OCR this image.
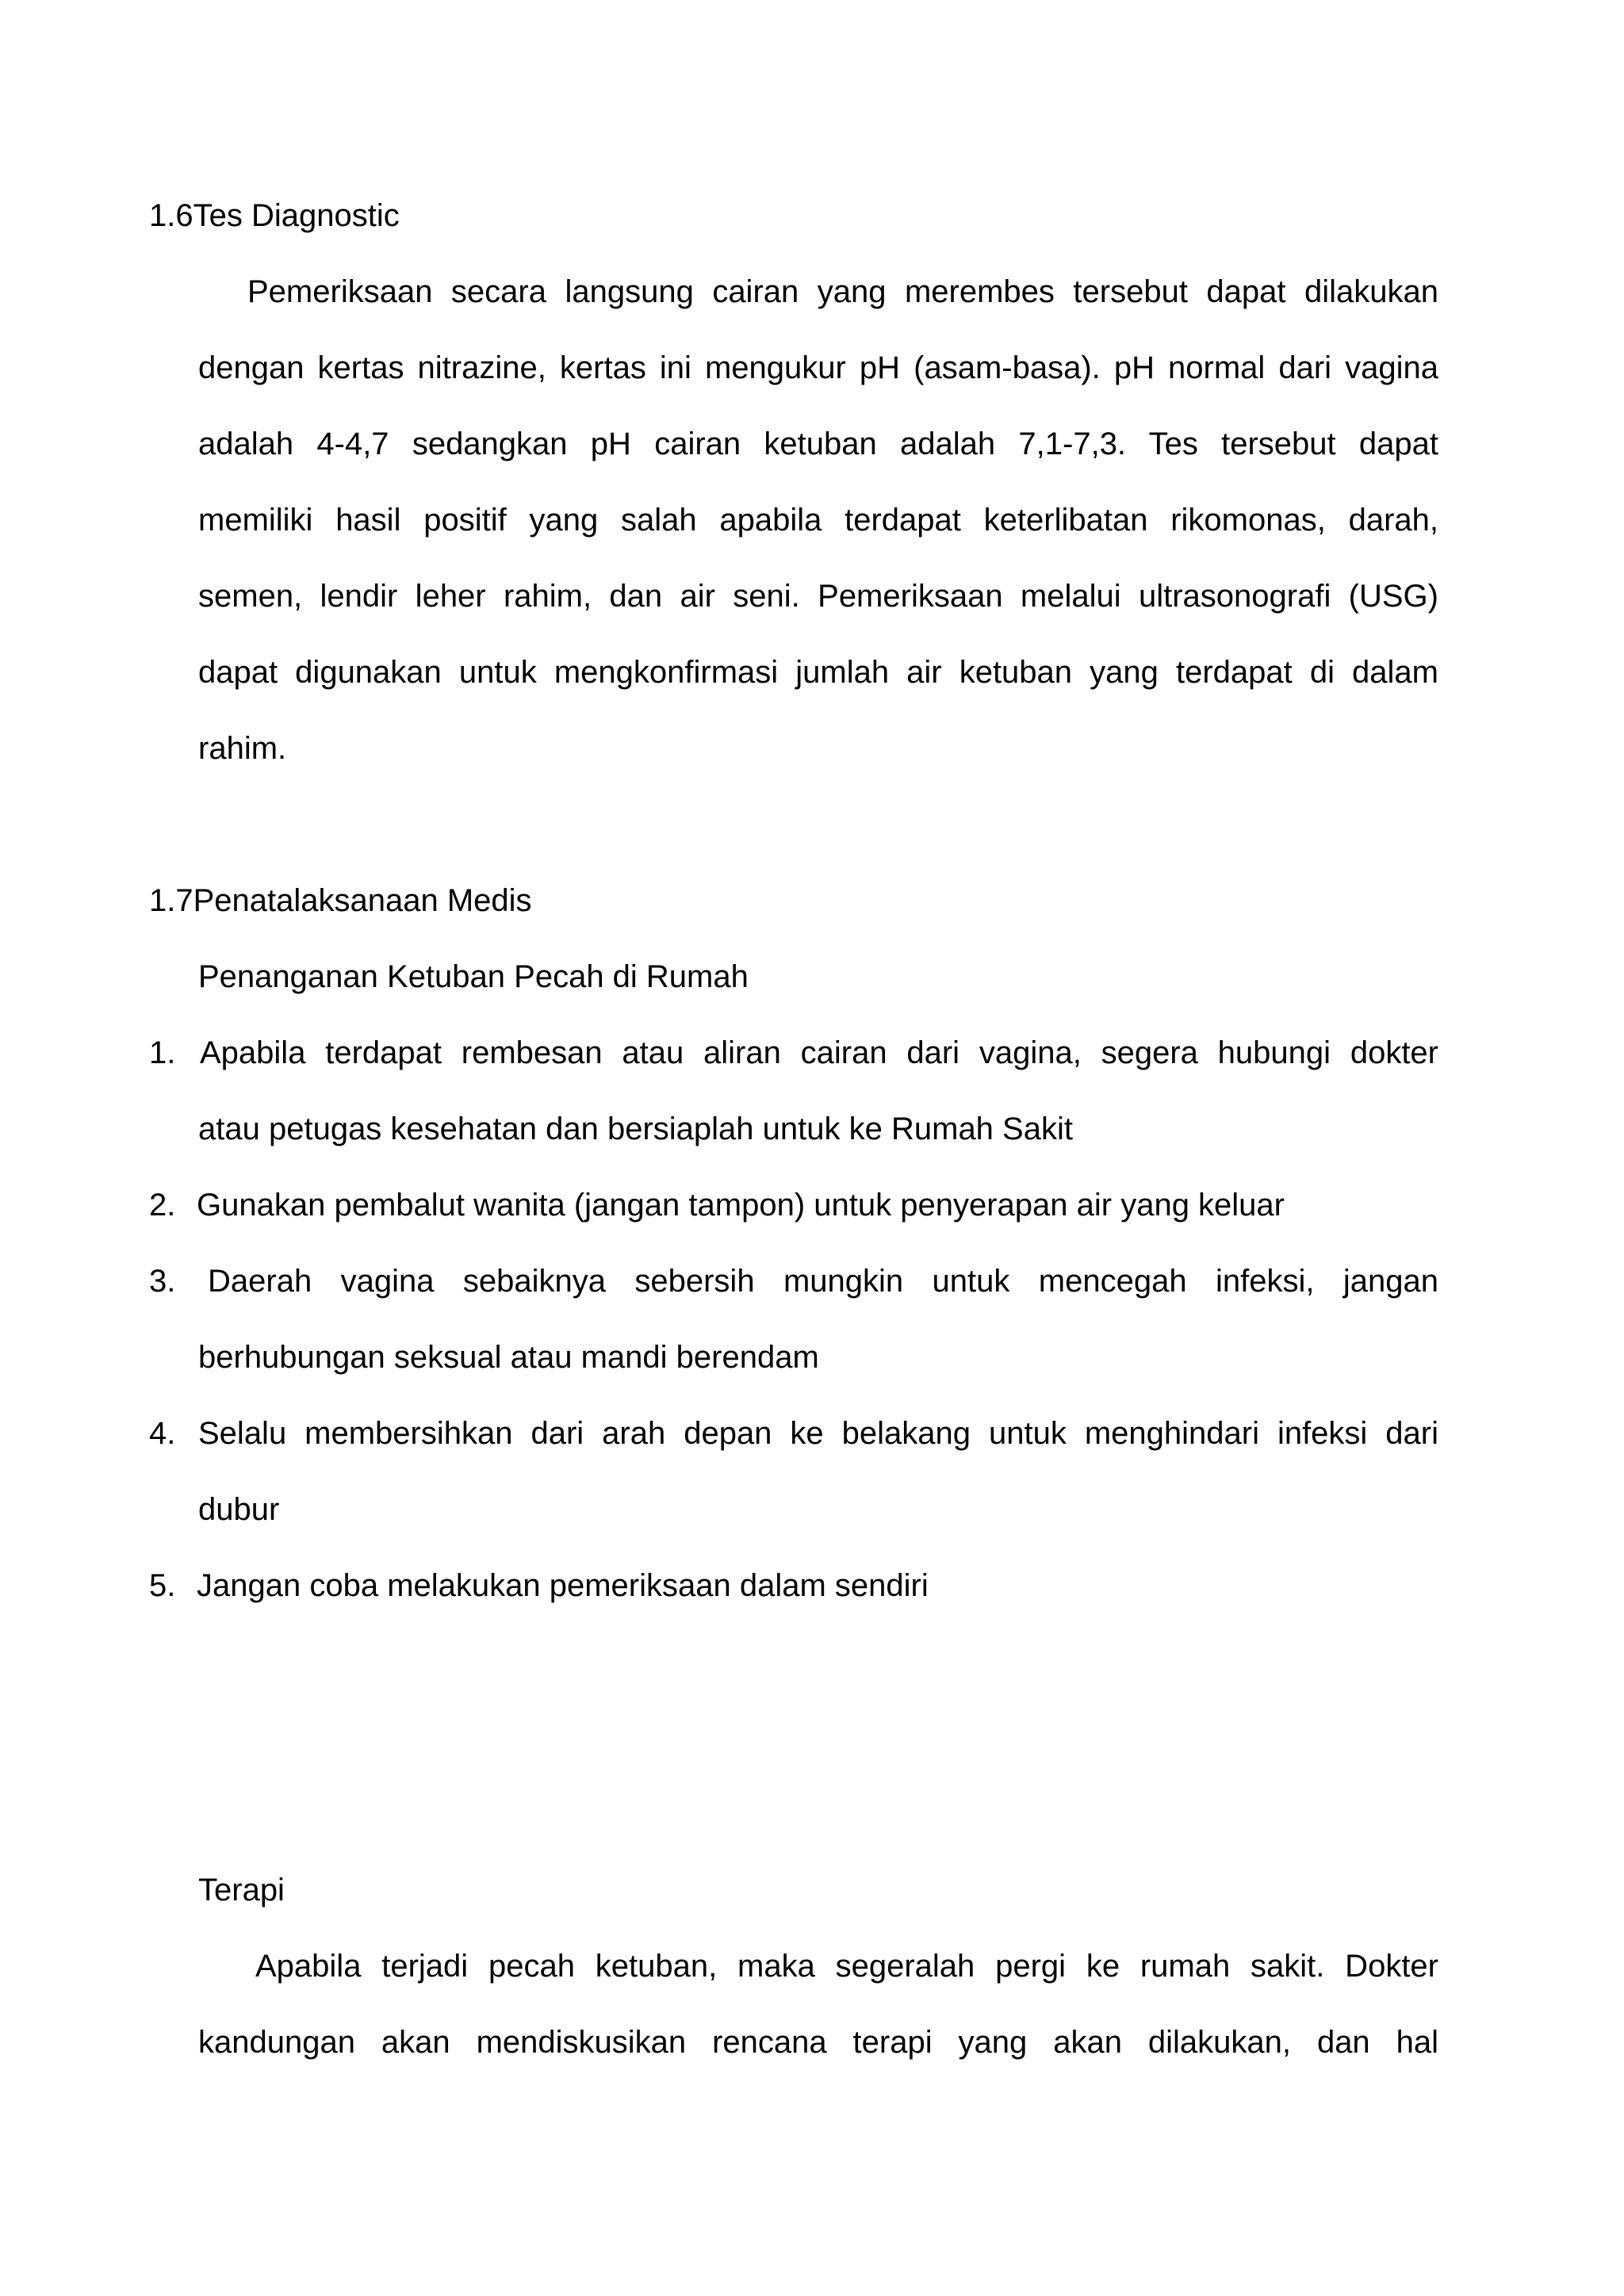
1.6Tes Diagnostic

Pemeriksaan secara langsung cairan yang merembes tersebut dapat dilakukan

dengan kertas nitrazine, kertas ini mengukur pH (asam-basa). pH normal dari vagina

adalah 4-4,7 sedangkan pH cairan ketuban adalah 7,1-7,3. Tes tersebut dapat

memiliki hasil positif yang salah apabila terdapat keterlibatan rikomonas, darah,

semen, lendir leher rahim, dan air seni. Pemeriksaan melalui ultrasonografi (USG)

dapat digunakan untuk mengkonfirmasi jumlah air ketuban yang terdapat di dalam

rahim.

1.7Penatalaksanaan Medis

Penanganan Ketuban Pecah di Rumah

1. Apabila terdapat rembesan atau aliran cairan dari vagina, segera hubungi dokter

atau petugas kesehatan dan bersiaplah untuk ke Rumah Sakit

2. Gunakan pembalut wanita (jangan tampon) untuk penyerapan air yang keluar

3. Daerah vagina sebaiknya sebersih mungkin untuk mencegah infeksi, jangan

berhubungan seksual atau mandi berendam

4. Selalu membersihkan dari arah depan ke belakang untuk menghindari infeksi dari

dubur

5. Jangan coba melakukan pemeriksaan dalam sendiri

Terapi

Apabila terjadi pecah ketuban, maka segeralah pergi ke rumah sakit. Dokter

kandungan akan mendiskusikan rencana terapi yang akan dilakukan, dan hal
